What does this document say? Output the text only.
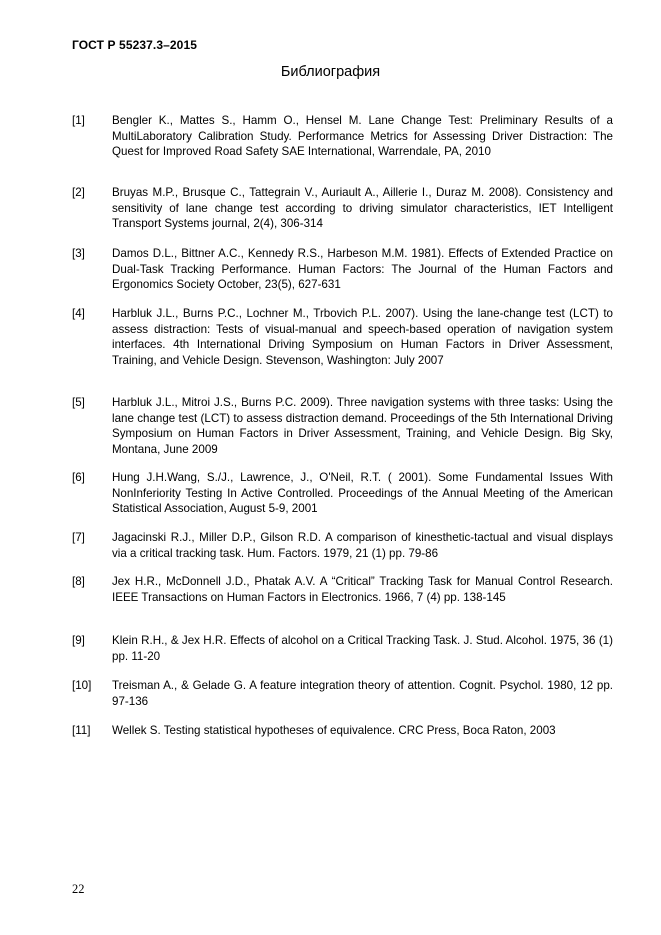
ГОСТ Р 55237.3–2015
Библиография
[1]	Bengler K., Mattes S., Hamm O., Hensel M. Lane Change Test: Preliminary Results of a MultiLaboratory Calibration Study. Performance Metrics for Assessing Driver Distraction: The Quest for Improved Road Safety SAE International, Warrendale, PA, 2010
[2]	Bruyas M.P., Brusque C., Tattegrain V., Auriault A., Aillerie I., Duraz M. 2008). Consistency and sensitivity of lane change test according to driving simulator characteristics, IET Intelligent Transport Systems journal, 2(4), 306-314
[3]	Damos D.L., Bittner A.C., Kennedy R.S., Harbeson M.M. 1981). Effects of Extended Practice on Dual-Task Tracking Performance. Human Factors: The Journal of the Human Factors and Ergonomics Society October, 23(5), 627-631
[4]	Harbluk J.L., Burns P.C., Lochner M., Trbovich P.L. 2007). Using the lane-change test (LCT) to assess distraction: Tests of visual-manual and speech-based operation of navigation system interfaces. 4th International Driving Symposium on Human Factors in Driver Assessment, Training, and Vehicle Design. Stevenson, Washington: July 2007
[5]	Harbluk J.L., Mitroi J.S., Burns P.C. 2009). Three navigation systems with three tasks: Using the lane change test (LCT) to assess distraction demand. Proceedings of the 5th International Driving Symposium on Human Factors in Driver Assessment, Training, and Vehicle Design. Big Sky, Montana, June 2009
[6]	Hung J.H.Wang, S./J., Lawrence, J., O'Neil, R.T. ( 2001). Some Fundamental Issues With NonInferiority Testing In Active Controlled. Proceedings of the Annual Meeting of the American Statistical Association, August 5-9, 2001
[7]	Jagacinski R.J., Miller D.P., Gilson R.D. A comparison of kinesthetic-tactual and visual displays via a critical tracking task. Hum. Factors. 1979, 21 (1) pp. 79-86
[8]	Jex H.R., McDonnell J.D., Phatak A.V. A “Critical” Tracking Task for Manual Control Research. IEEE Transactions on Human Factors in Electronics. 1966, 7 (4) pp. 138-145
[9]	Klein R.H., & Jex H.R. Effects of alcohol on a Critical Tracking Task. J. Stud. Alcohol. 1975, 36 (1) pp. 11-20
[10]	Treisman A., & Gelade G. A feature integration theory of attention. Cognit. Psychol. 1980, 12 pp. 97-136
[11]	Wellek S. Testing statistical hypotheses of equivalence. CRC Press, Boca Raton, 2003
22
